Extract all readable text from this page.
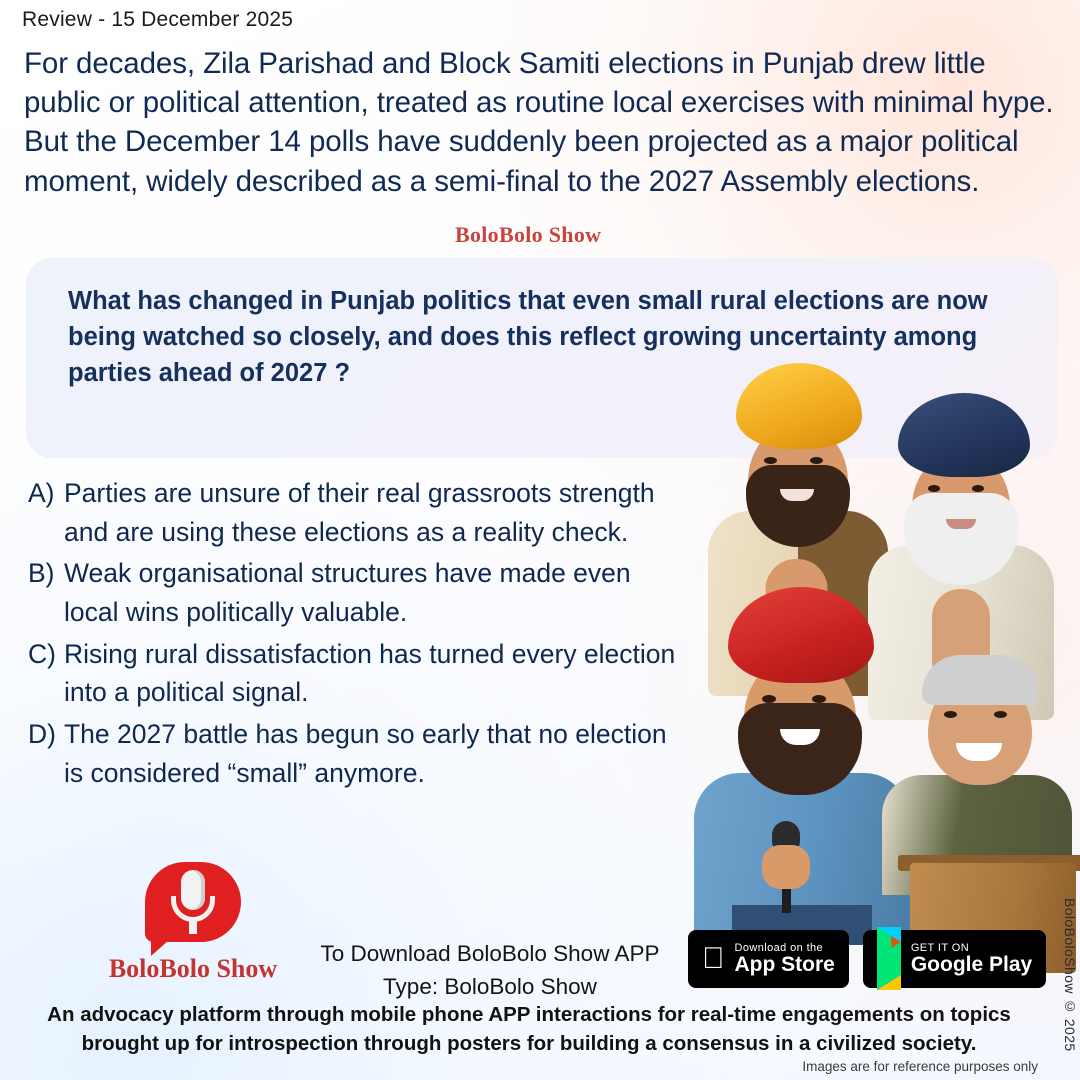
Review - 15 December 2025
For decades, Zila Parishad and Block Samiti elections in Punjab drew little public or political attention, treated as routine local exercises with minimal hype. But the December 14 polls have suddenly been projected as a major political moment, widely described as a semi-final to the 2027 Assembly elections.
BoloBolo Show
What has changed in Punjab politics that even small rural elections are now being watched so closely, and does this reflect growing uncertainty among parties ahead of 2027 ?
A) Parties are unsure of their real grassroots strength and are using these elections as a reality check.
B) Weak organisational structures have made even local wins politically valuable.
C) Rising rural dissatisfaction has turned every election into a political signal.
D) The 2027 battle has begun so early that no election is considered “small” anymore.
BoloBolo Show
To Download BoloBolo Show APP
Type: BoloBolo Show
Download on the
App Store
GET IT ON
Google Play
An advocacy platform through mobile phone APP interactions for real-time engagements on topics brought up for introspection through posters for building a consensus in a civilized society.
Images are for reference purposes only
BoloBoloShow © 2025
